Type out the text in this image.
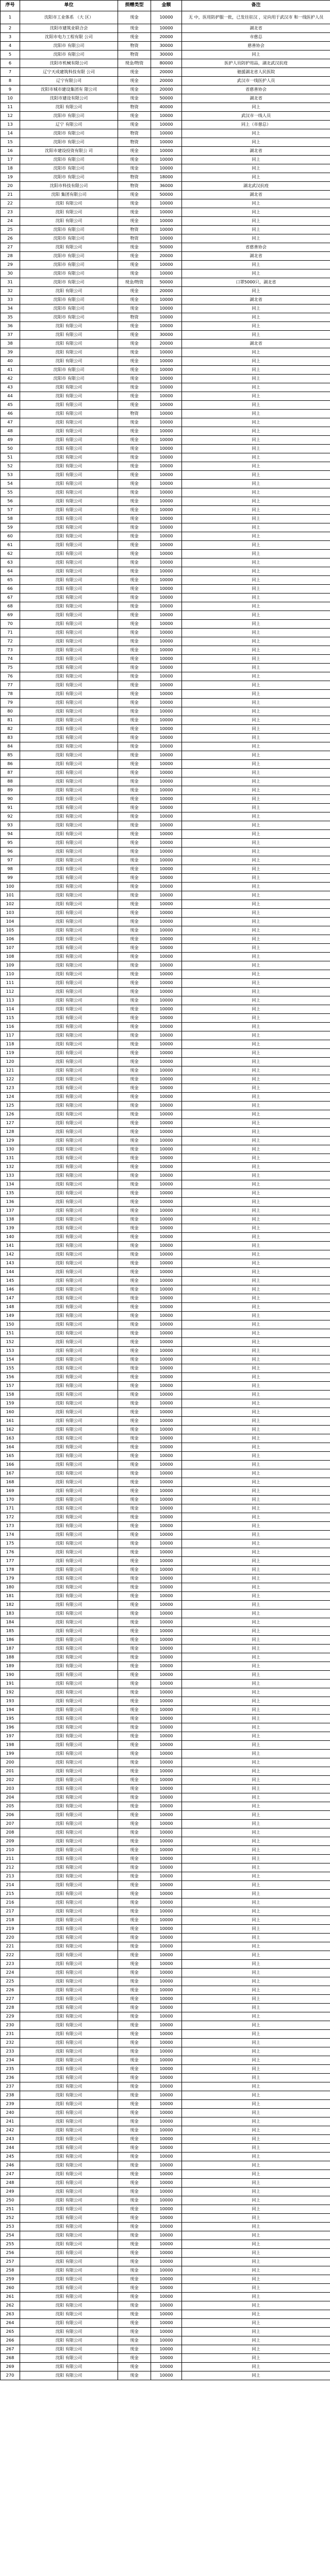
序号	单位	捐赠类型	金额	备注
1	沈阳市工业体系 （大 区）	现金	10000	无 中，医用防护服一批，已发往驻汉 ，定向用于武汉市 和一线医护人员
2	沈阳市建筑业联合会	现金	10000	湖北省
3	沈阳市电力工程有限 公司	现金	20000	市慈总
4	沈阳市 有限公司	物资	30000	慈善协会
5	沈阳市 有限公司	物资	30000	同上
6	沈阳市机械有限公司	现金/物资	80000	医护人员防护用品，湖北武汉抗疫
7	辽宁天成建筑科技有限 公司	现金	20000	驰援湖北省人民医院
8	辽宁有限公司	现金	20000	武汉市一线医护人员
9	沈阳市城市建设集团有 限公司	现金	20000	省慈善协会
10	沈阳市建设有限公司	现金	50000	湖北省
11	沈阳 有限公司	物资	40000	同上
12	沈阳市 有限公司	现金	10000	武汉市一线人员
13	辽宁 有限公司	现金	10000	同上（市慈总）
14	沈阳市 有限公司	物资	10000	同上
15	沈阳市 有限公司	物资	10000	同上
16	沈阳市建设投资有限公 司	现金	10000	湖北省
17	沈阳市 有限公司	现金	10000	同上
18	沈阳市 有限公司	现金	10000	同上
19	沈阳市 有限公司	物资	18000	同上
20	沈阳市科技有限公司	物资	36000	湖北武汉抗疫
21	沈阳 集团有限公司	现金	50000	湖北省
22	沈阳 有限公司	现金	10000	同上
23	沈阳 有限公司	现金	10000	同上
24	沈阳 有限公司	现金	10000	同上
25	沈阳市 有限公司	物资	10000	同上
26	沈阳市 有限公司	物资	10000	同上
27	沈阳 有限公司	现金	50000	省慈善协会
28	沈阳市 有限公司	现金	20000	湖北省
29	沈阳市 有限公司	现金	10000	同上
30	沈阳市 有限公司	现金	10000	同上
31	沈阳市 有限公司	现金/物资	50000	口罩5000只，湖北省
32	沈阳 有限公司	现金	20000	同上
33	沈阳市 有限公司	现金	10000	湖北省
34	沈阳市 有限公司	现金	10000	同上
35	沈阳市 有限公司	物资	10000	同上
36	沈阳 有限公司	现金	10000	同上
37	沈阳 有限公司	现金	30000	同上
38	沈阳 有限公司	现金	20000	湖北省
39	沈阳 有限公司	现金	10000	同上
40	沈阳 有限公司	现金	10000	同上
41	沈阳市 有限公司	现金	10000	同上
42	沈阳市 有限公司	现金	10000	同上
43	沈阳 有限公司	现金	10000	同上
44	沈阳 有限公司	现金	10000	同上
45	沈阳 有限公司	现金	10000	同上
46	沈阳 有限公司	物资	10000	同上
47	沈阳 有限公司	现金	10000	同上
48	沈阳 有限公司	现金	10000	同上
49	沈阳 有限公司	现金	10000	同上
50	沈阳 有限公司	现金	10000	同上
51	沈阳 有限公司	现金	10000	同上
52	沈阳 有限公司	现金	10000	同上
53	沈阳 有限公司	现金	10000	同上
54	沈阳 有限公司	现金	10000	同上
55	沈阳 有限公司	现金	10000	同上
56	沈阳 有限公司	现金	10000	同上
57	沈阳 有限公司	现金	10000	同上
58	沈阳 有限公司	现金	10000	同上
59	沈阳 有限公司	现金	10000	同上
60	沈阳 有限公司	现金	10000	同上
61	沈阳 有限公司	现金	10000	同上
62	沈阳 有限公司	现金	10000	同上
63	沈阳 有限公司	现金	10000	同上
64	沈阳 有限公司	现金	10000	同上
65	沈阳 有限公司	现金	10000	同上
66	沈阳 有限公司	现金	10000	同上
67	沈阳 有限公司	现金	10000	同上
68	沈阳 有限公司	现金	10000	同上
69	沈阳 有限公司	现金	10000	同上
70	沈阳 有限公司	现金	10000	同上
71	沈阳 有限公司	现金	10000	同上
72	沈阳 有限公司	现金	10000	同上
73	沈阳 有限公司	现金	10000	同上
74	沈阳 有限公司	现金	10000	同上
75	沈阳 有限公司	现金	10000	同上
76	沈阳 有限公司	现金	10000	同上
77	沈阳 有限公司	现金	10000	同上
78	沈阳 有限公司	现金	10000	同上
79	沈阳 有限公司	现金	10000	同上
80	沈阳 有限公司	现金	10000	同上
81	沈阳 有限公司	现金	10000	同上
82	沈阳 有限公司	现金	10000	同上
83	沈阳 有限公司	现金	10000	同上
84	沈阳 有限公司	现金	10000	同上
85	沈阳 有限公司	现金	10000	同上
86	沈阳 有限公司	现金	10000	同上
87	沈阳 有限公司	现金	10000	同上
88	沈阳 有限公司	现金	10000	同上
89	沈阳 有限公司	现金	10000	同上
90	沈阳 有限公司	现金	10000	同上
91	沈阳 有限公司	现金	10000	同上
92	沈阳 有限公司	现金	10000	同上
93	沈阳 有限公司	现金	10000	同上
94	沈阳 有限公司	现金	10000	同上
95	沈阳 有限公司	现金	10000	同上
96	沈阳 有限公司	现金	10000	同上
97	沈阳 有限公司	现金	10000	同上
98	沈阳 有限公司	现金	10000	同上
99	沈阳 有限公司	现金	10000	同上
100	沈阳 有限公司	现金	10000	同上
101	沈阳 有限公司	现金	10000	同上
102	沈阳 有限公司	现金	10000	同上
103	沈阳 有限公司	现金	10000	同上
104	沈阳 有限公司	现金	10000	同上
105	沈阳 有限公司	现金	10000	同上
106	沈阳 有限公司	现金	10000	同上
107	沈阳 有限公司	现金	10000	同上
108	沈阳 有限公司	现金	10000	同上
109	沈阳 有限公司	现金	10000	同上
110	沈阳 有限公司	现金	10000	同上
111	沈阳 有限公司	现金	10000	同上
112	沈阳 有限公司	现金	10000	同上
113	沈阳 有限公司	现金	10000	同上
114	沈阳 有限公司	现金	10000	同上
115	沈阳 有限公司	现金	10000	同上
116	沈阳 有限公司	现金	10000	同上
117	沈阳 有限公司	现金	10000	同上
118	沈阳 有限公司	现金	10000	同上
119	沈阳 有限公司	现金	10000	同上
120	沈阳 有限公司	现金	10000	同上
121	沈阳 有限公司	现金	10000	同上
122	沈阳 有限公司	现金	10000	同上
123	沈阳 有限公司	现金	10000	同上
124	沈阳 有限公司	现金	10000	同上
125	沈阳 有限公司	现金	10000	同上
126	沈阳 有限公司	现金	10000	同上
127	沈阳 有限公司	现金	10000	同上
128	沈阳 有限公司	现金	10000	同上
129	沈阳 有限公司	现金	10000	同上
130	沈阳 有限公司	现金	10000	同上
131	沈阳 有限公司	现金	10000	同上
132	沈阳 有限公司	现金	10000	同上
133	沈阳 有限公司	现金	10000	同上
134	沈阳 有限公司	现金	10000	同上
135	沈阳 有限公司	现金	10000	同上
136	沈阳 有限公司	现金	10000	同上
137	沈阳 有限公司	现金	10000	同上
138	沈阳 有限公司	现金	10000	同上
139	沈阳 有限公司	现金	10000	同上
140	沈阳 有限公司	现金	10000	同上
141	沈阳 有限公司	现金	10000	同上
142	沈阳 有限公司	现金	10000	同上
143	沈阳 有限公司	现金	10000	同上
144	沈阳 有限公司	现金	10000	同上
145	沈阳 有限公司	现金	10000	同上
146	沈阳 有限公司	现金	10000	同上
147	沈阳 有限公司	现金	10000	同上
148	沈阳 有限公司	现金	10000	同上
149	沈阳 有限公司	现金	10000	同上
150	沈阳 有限公司	现金	10000	同上
151	沈阳 有限公司	现金	10000	同上
152	沈阳 有限公司	现金	10000	同上
153	沈阳 有限公司	现金	10000	同上
154	沈阳 有限公司	现金	10000	同上
155	沈阳 有限公司	现金	10000	同上
156	沈阳 有限公司	现金	10000	同上
157	沈阳 有限公司	现金	10000	同上
158	沈阳 有限公司	现金	10000	同上
159	沈阳 有限公司	现金	10000	同上
160	沈阳 有限公司	现金	10000	同上
161	沈阳 有限公司	现金	10000	同上
162	沈阳 有限公司	现金	10000	同上
163	沈阳 有限公司	现金	10000	同上
164	沈阳 有限公司	现金	10000	同上
165	沈阳 有限公司	现金	10000	同上
166	沈阳 有限公司	现金	10000	同上
167	沈阳 有限公司	现金	10000	同上
168	沈阳 有限公司	现金	10000	同上
169	沈阳 有限公司	现金	10000	同上
170	沈阳 有限公司	现金	10000	同上
171	沈阳 有限公司	现金	10000	同上
172	沈阳 有限公司	现金	10000	同上
173	沈阳 有限公司	现金	10000	同上
174	沈阳 有限公司	现金	10000	同上
175	沈阳 有限公司	现金	10000	同上
176	沈阳 有限公司	现金	10000	同上
177	沈阳 有限公司	现金	10000	同上
178	沈阳 有限公司	现金	10000	同上
179	沈阳 有限公司	现金	10000	同上
180	沈阳 有限公司	现金	10000	同上
181	沈阳 有限公司	现金	10000	同上
182	沈阳 有限公司	现金	10000	同上
183	沈阳 有限公司	现金	10000	同上
184	沈阳 有限公司	现金	10000	同上
185	沈阳 有限公司	现金	10000	同上
186	沈阳 有限公司	现金	10000	同上
187	沈阳 有限公司	现金	10000	同上
188	沈阳 有限公司	现金	10000	同上
189	沈阳 有限公司	现金	10000	同上
190	沈阳 有限公司	现金	10000	同上
191	沈阳 有限公司	现金	10000	同上
192	沈阳 有限公司	现金	10000	同上
193	沈阳 有限公司	现金	10000	同上
194	沈阳 有限公司	现金	10000	同上
195	沈阳 有限公司	现金	10000	同上
196	沈阳 有限公司	现金	10000	同上
197	沈阳 有限公司	现金	10000	同上
198	沈阳 有限公司	现金	10000	同上
199	沈阳 有限公司	现金	10000	同上
200	沈阳 有限公司	现金	10000	同上
201	沈阳 有限公司	现金	10000	同上
202	沈阳 有限公司	现金	10000	同上
203	沈阳 有限公司	现金	10000	同上
204	沈阳 有限公司	现金	10000	同上
205	沈阳 有限公司	现金	10000	同上
206	沈阳 有限公司	现金	10000	同上
207	沈阳 有限公司	现金	10000	同上
208	沈阳 有限公司	现金	10000	同上
209	沈阳 有限公司	现金	10000	同上
210	沈阳 有限公司	现金	10000	同上
211	沈阳 有限公司	现金	10000	同上
212	沈阳 有限公司	现金	10000	同上
213	沈阳 有限公司	现金	10000	同上
214	沈阳 有限公司	现金	10000	同上
215	沈阳 有限公司	现金	10000	同上
216	沈阳 有限公司	现金	10000	同上
217	沈阳 有限公司	现金	10000	同上
218	沈阳 有限公司	现金	10000	同上
219	沈阳 有限公司	现金	10000	同上
220	沈阳 有限公司	现金	10000	同上
221	沈阳 有限公司	现金	10000	同上
222	沈阳 有限公司	现金	10000	同上
223	沈阳 有限公司	现金	10000	同上
224	沈阳 有限公司	现金	10000	同上
225	沈阳 有限公司	现金	10000	同上
226	沈阳 有限公司	现金	10000	同上
227	沈阳 有限公司	现金	10000	同上
228	沈阳 有限公司	现金	10000	同上
229	沈阳 有限公司	现金	10000	同上
230	沈阳 有限公司	现金	10000	同上
231	沈阳 有限公司	现金	10000	同上
232	沈阳 有限公司	现金	10000	同上
233	沈阳 有限公司	现金	10000	同上
234	沈阳 有限公司	现金	10000	同上
235	沈阳 有限公司	现金	10000	同上
236	沈阳 有限公司	现金	10000	同上
237	沈阳 有限公司	现金	10000	同上
238	沈阳 有限公司	现金	10000	同上
239	沈阳 有限公司	现金	10000	同上
240	沈阳 有限公司	现金	10000	同上
241	沈阳 有限公司	现金	10000	同上
242	沈阳 有限公司	现金	10000	同上
243	沈阳 有限公司	现金	10000	同上
244	沈阳 有限公司	现金	10000	同上
245	沈阳 有限公司	现金	10000	同上
246	沈阳 有限公司	现金	10000	同上
247	沈阳 有限公司	现金	10000	同上
248	沈阳 有限公司	现金	10000	同上
249	沈阳 有限公司	现金	10000	同上
250	沈阳 有限公司	现金	10000	同上
251	沈阳 有限公司	现金	10000	同上
252	沈阳 有限公司	现金	10000	同上
253	沈阳 有限公司	现金	10000	同上
254	沈阳 有限公司	现金	10000	同上
255	沈阳 有限公司	现金	10000	同上
256	沈阳 有限公司	现金	10000	同上
257	沈阳 有限公司	现金	10000	同上
258	沈阳 有限公司	现金	10000	同上
259	沈阳 有限公司	现金	10000	同上
260	沈阳 有限公司	现金	10000	同上
261	沈阳 有限公司	现金	10000	同上
262	沈阳 有限公司	现金	10000	同上
263	沈阳 有限公司	现金	10000	同上
264	沈阳 有限公司	现金	10000	同上
265	沈阳 有限公司	现金	10000	同上
266	沈阳 有限公司	现金	10000	同上
267	沈阳 有限公司	现金	10000	同上
268	沈阳 有限公司	现金	10000	同上
269	沈阳 有限公司	现金	10000	同上
270	沈阳 有限公司	现金	10000	同上
